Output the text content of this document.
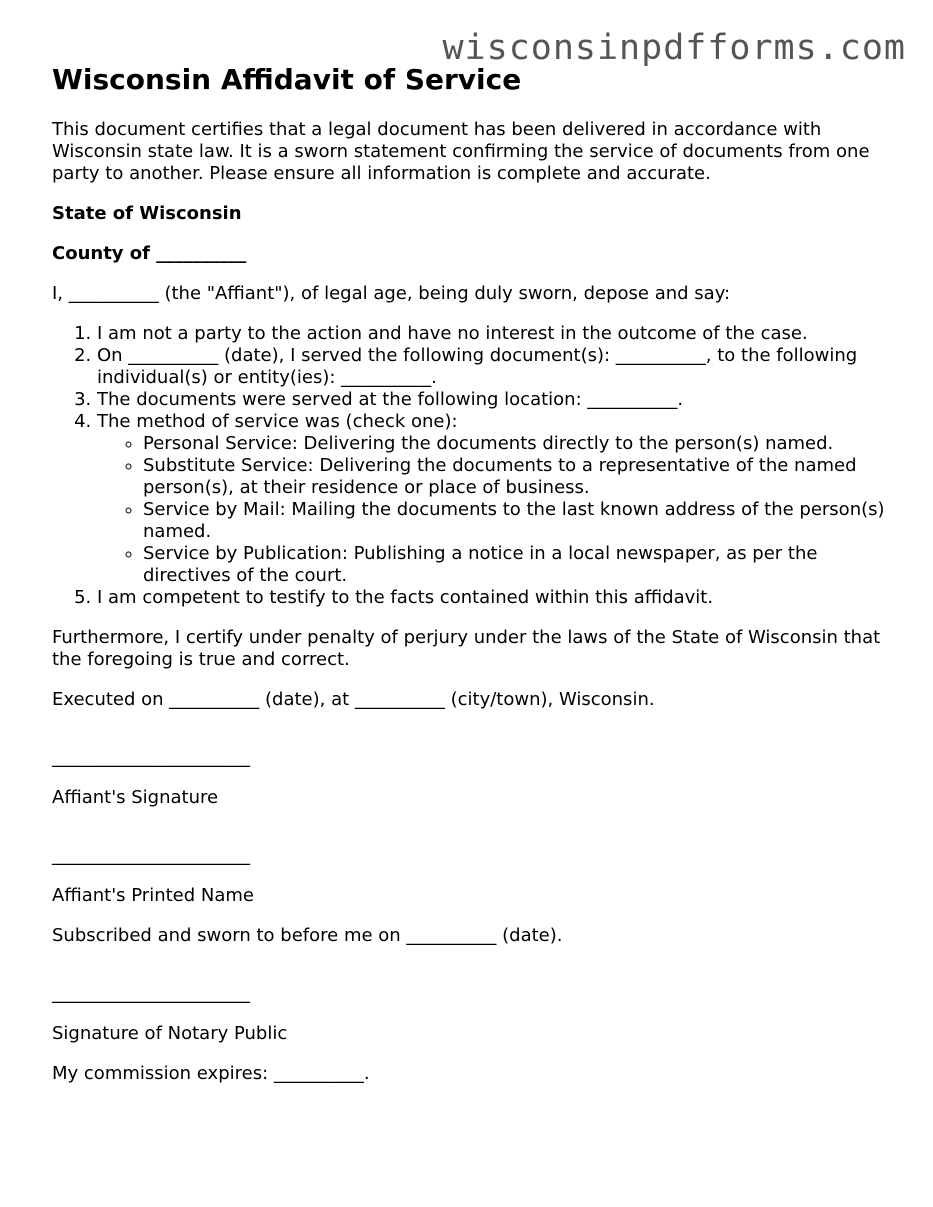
wisconsinpdfforms.com
Wisconsin Affidavit of Service

This document certifies that a legal document has been delivered in accordance with Wisconsin state law. It is a sworn statement confirming the service of documents from one party to another. Please ensure all information is complete and accurate.

State of Wisconsin

County of __________

I, __________ (the "Affiant"), of legal age, being duly sworn, depose and say:

1. I am not a party to the action and have no interest in the outcome of the case.
2. On __________ (date), I served the following document(s): __________, to the following individual(s) or entity(ies): __________.
3. The documents were served at the following location: __________.
4. The method of service was (check one):
◦ Personal Service: Delivering the documents directly to the person(s) named.
◦ Substitute Service: Delivering the documents to a representative of the named person(s), at their residence or place of business.
◦ Service by Mail: Mailing the documents to the last known address of the person(s) named.
◦ Service by Publication: Publishing a notice in a local newspaper, as per the directives of the court.
5. I am competent to testify to the facts contained within this affidavit.

Furthermore, I certify under penalty of perjury under the laws of the State of Wisconsin that the foregoing is true and correct.

Executed on __________ (date), at __________ (city/town), Wisconsin.

______________________

Affiant's Signature

______________________

Affiant's Printed Name

Subscribed and sworn to before me on __________ (date).

______________________

Signature of Notary Public

My commission expires: __________.
